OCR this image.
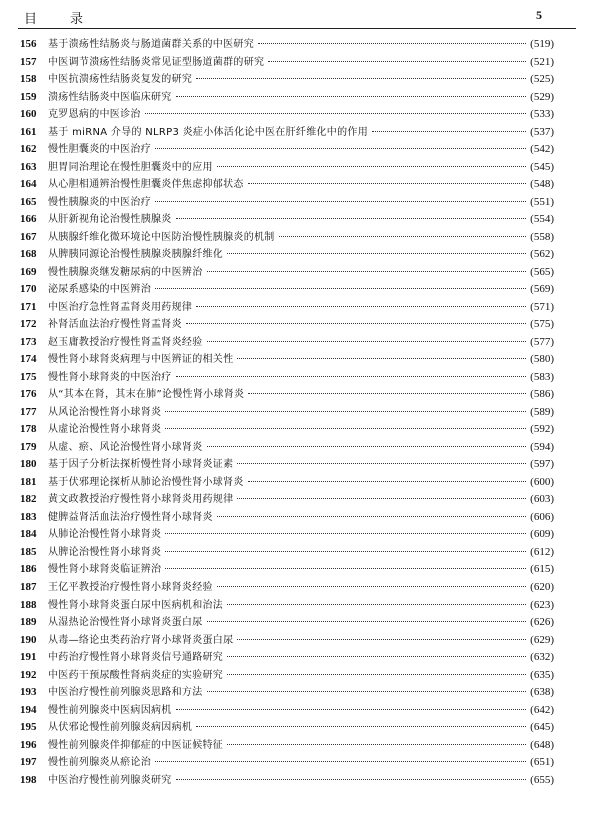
目　录	5
156	基于溃疡性结肠炎与肠道菌群关系的中医研究	(519)
157	中医调节溃疡性结肠炎常见证型肠道菌群的研究	(521)
158	中医抗溃疡性结肠炎复发的研究	(525)
159	溃疡性结肠炎中医临床研究	(529)
160	克罗恩病的中医诊治	(533)
161	基于 miRNA 介导的 NLRP3 炎症小体活化论中医在肝纤维化中的作用	(537)
162	慢性胆囊炎的中医治疗	(542)
163	胆胃同治理论在慢性胆囊炎中的应用	(545)
164	从心胆相通辨治慢性胆囊炎伴焦虑抑郁状态	(548)
165	慢性胰腺炎的中医治疗	(551)
166	从肝新视角论治慢性胰腺炎	(554)
167	从胰腺纤维化微环境论中医防治慢性胰腺炎的机制	(558)
168	从脾胰同源论治慢性胰腺炎胰腺纤维化	(562)
169	慢性胰腺炎继发糖尿病的中医辨治	(565)
170	泌尿系感染的中医辨治	(569)
171	中医治疗急性肾盂肾炎用药规律	(571)
172	补肾活血法治疗慢性肾盂肾炎	(575)
173	赵玉庸教授治疗慢性肾盂肾炎经验	(577)
174	慢性肾小球肾炎病理与中医辨证的相关性	(580)
175	慢性肾小球肾炎的中医治疗	(583)
176	从“其本在肾，其末在肺”论慢性肾小球肾炎	(586)
177	从风论治慢性肾小球肾炎	(589)
178	从虚论治慢性肾小球肾炎	(592)
179	从虚、瘀、风论治慢性肾小球肾炎	(594)
180	基于因子分析法探析慢性肾小球肾炎证素	(597)
181	基于伏邪理论探析从肺论治慢性肾小球肾炎	(600)
182	黄文政教授治疗慢性肾小球肾炎用药规律	(603)
183	健脾益肾活血法治疗慢性肾小球肾炎	(606)
184	从肺论治慢性肾小球肾炎	(609)
185	从脾论治慢性肾小球肾炎	(612)
186	慢性肾小球肾炎临证辨治	(615)
187	王亿平教授治疗慢性肾小球肾炎经验	(620)
188	慢性肾小球肾炎蛋白尿中医病机和治法	(623)
189	从湿热论治慢性肾小球肾炎蛋白尿	(626)
190	从毒—络论虫类药治疗肾小球肾炎蛋白尿	(629)
191	中药治疗慢性肾小球肾炎信号通路研究	(632)
192	中医药干预尿酸性肾病炎症的实验研究	(635)
193	中医治疗慢性前列腺炎思路和方法	(638)
194	慢性前列腺炎中医病因病机	(642)
195	从伏邪论慢性前列腺炎病因病机	(645)
196	慢性前列腺炎伴抑郁症的中医证候特征	(648)
197	慢性前列腺炎从瘀论治	(651)
198	中医治疗慢性前列腺炎研究	(655)
